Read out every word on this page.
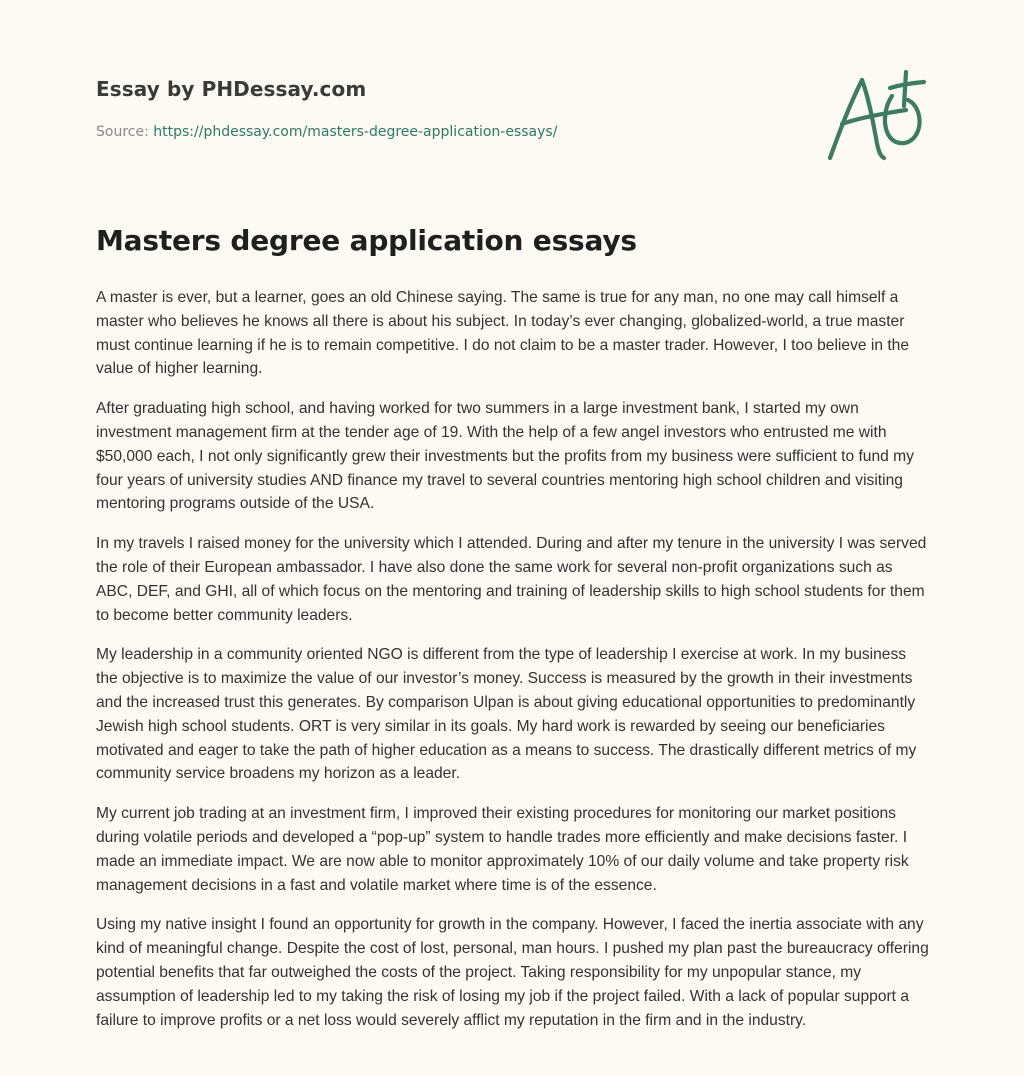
Essay by PHDessay.com
Source: https://phdessay.com/masters-degree-application-essays/
Masters degree application essays

A master is ever, but a learner, goes an old Chinese saying. The same is true for any man, no one may call himself a master who believes he knows all there is about his subject. In today’s ever changing, globalized-world, a true master must continue learning if he is to remain competitive. I do not claim to be a master trader. However, I too believe in the value of higher learning.

After graduating high school, and having worked for two summers in a large investment bank, I started my own investment management firm at the tender age of 19. With the help of a few angel investors who entrusted me with $50,000 each, I not only significantly grew their investments but the profits from my business were sufficient to fund my four years of university studies AND finance my travel to several countries mentoring high school children and visiting mentoring programs outside of the USA.

In my travels I raised money for the university which I attended. During and after my tenure in the university I was served the role of their European ambassador. I have also done the same work for several non-profit organizations such as ABC, DEF, and GHI, all of which focus on the mentoring and training of leadership skills to high school students for them to become better community leaders.

My leadership in a community oriented NGO is different from the type of leadership I exercise at work. In my business the objective is to maximize the value of our investor’s money. Success is measured by the growth in their investments and the increased trust this generates. By comparison Ulpan is about giving educational opportunities to predominantly Jewish high school students. ORT is very similar in its goals. My hard work is rewarded by seeing our beneficiaries motivated and eager to take the path of higher education as a means to success. The drastically different metrics of my community service broadens my horizon as a leader.

My current job trading at an investment firm, I improved their existing procedures for monitoring our market positions during volatile periods and developed a “pop-up” system to handle trades more efficiently and make decisions faster. I made an immediate impact. We are now able to monitor approximately 10% of our daily volume and take property risk management decisions in a fast and volatile market where time is of the essence.

Using my native insight I found an opportunity for growth in the company. However, I faced the inertia associate with any kind of meaningful change. Despite the cost of lost, personal, man hours. I pushed my plan past the bureaucracy offering potential benefits that far outweighed the costs of the project. Taking responsibility for my unpopular stance, my assumption of leadership led to my taking the risk of losing my job if the project failed. With a lack of popular support a failure to improve profits or a net loss would severely afflict my reputation in the firm and in the industry.
